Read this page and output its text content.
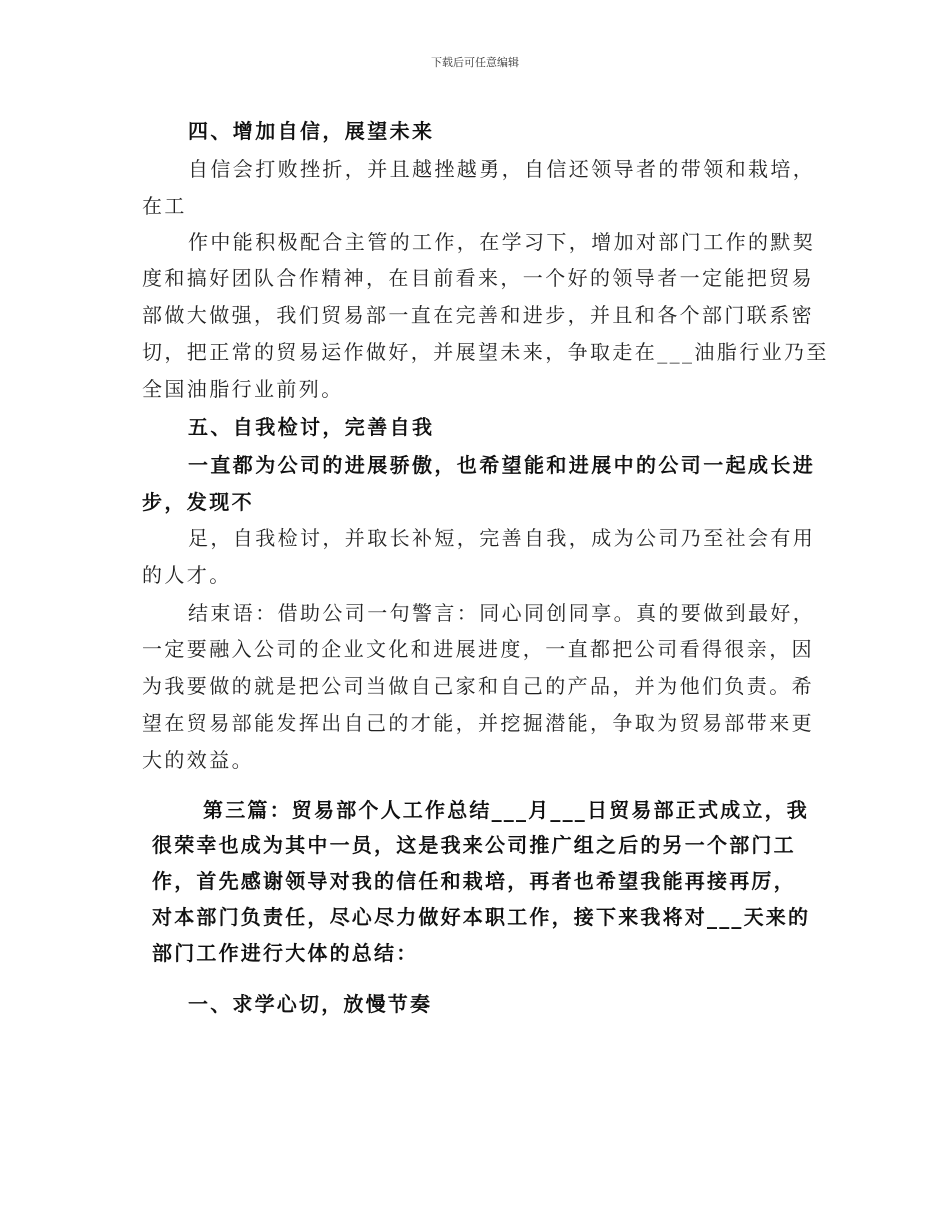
下载后可任意编辑
四、增加自信，展望未来
自信会打败挫折，并且越挫越勇，自信还领导者的带领和栽培，
在工
作中能积极配合主管的工作，在学习下，增加对部门工作的默契
度和搞好团队合作精神，在目前看来，一个好的领导者一定能把贸易
部做大做强，我们贸易部一直在完善和进步，并且和各个部门联系密
切，把正常的贸易运作做好，并展望未来，争取走在___油脂行业乃至
全国油脂行业前列。
五、自我检讨，完善自我
一直都为公司的进展骄傲，也希望能和进展中的公司一起成长进
步，发现不
足，自我检讨，并取长补短，完善自我，成为公司乃至社会有用
的人才。
结束语：借助公司一句警言：同心同创同享。真的要做到最好，
一定要融入公司的企业文化和进展进度，一直都把公司看得很亲，因
为我要做的就是把公司当做自己家和自己的产品，并为他们负责。希
望在贸易部能发挥出自己的才能，并挖掘潜能，争取为贸易部带来更
大的效益。
第三篇：贸易部个人工作总结___月___日贸易部正式成立，我
很荣幸也成为其中一员，这是我来公司推广组之后的另一个部门工
作，首先感谢领导对我的信任和栽培，再者也希望我能再接再厉，
对本部门负责任，尽心尽力做好本职工作，接下来我将对___天来的
部门工作进行大体的总结：
一、求学心切，放慢节奏
